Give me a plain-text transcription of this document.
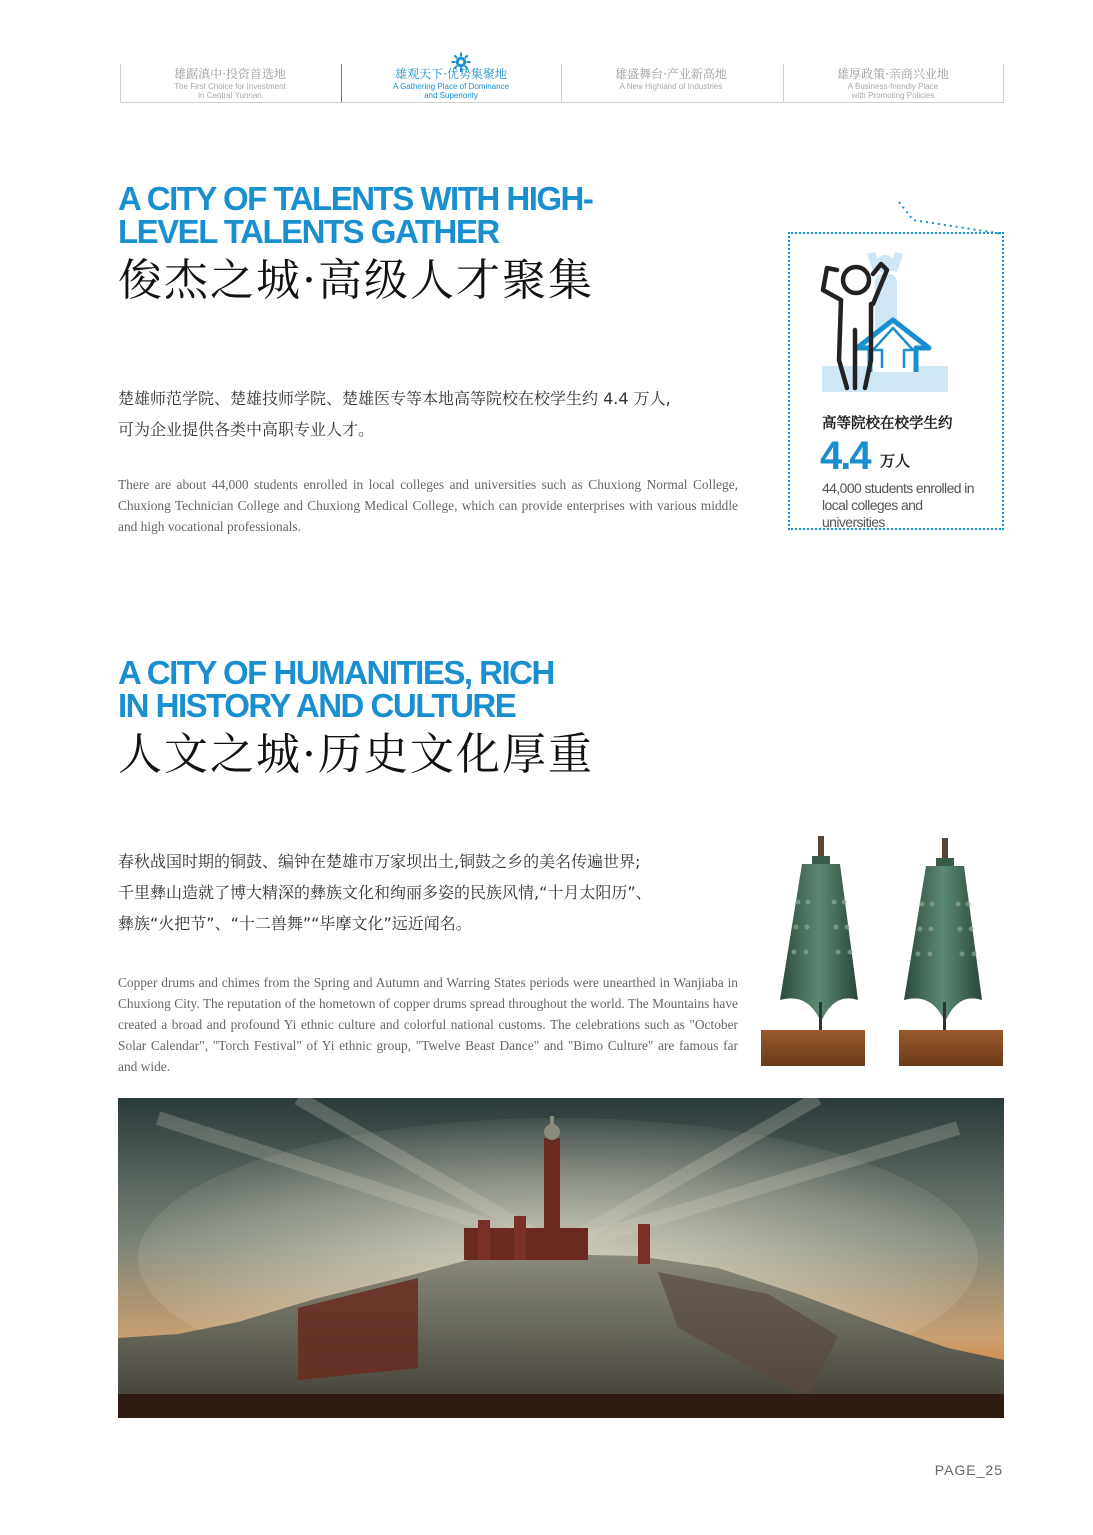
雄踞滇中·投资首选地
The First Choice for Investment
in Central Yunnan
雄观天下·优势集聚地
A Gathering Place of Dominance
and Superiority
雄盛舞台·产业新高地
A New Highland of Industries
雄厚政策·亲商兴业地
A Business-friendly Place
with Promoting Policies
A CITY OF TALENTS WITH HIGH-
LEVEL TALENTS GATHER
俊杰之城·高级人才聚集
楚雄师范学院、楚雄技师学院、楚雄医专等本地高等院校在校学生约 4.4 万人,
可为企业提供各类中高职专业人才。
There are about 44,000 students enrolled in local colleges and universities such as Chuxiong Normal College, Chuxiong Technician College and Chuxiong Medical College, which can provide enterprises with various middle and high vocational professionals.
高等院校在校学生约
4.4 万人
44,000 students enrolled in local colleges and universities
A CITY OF HUMANITIES, RICH
IN HISTORY AND CULTURE
人文之城·历史文化厚重
春秋战国时期的铜鼓、编钟在楚雄市万家坝出土,铜鼓之乡的美名传遍世界;
千里彝山造就了博大精深的彝族文化和绚丽多姿的民族风情,“十月太阳历”、
彝族“火把节”、“十二兽舞”“毕摩文化”远近闻名。
Copper drums and chimes from the Spring and Autumn and Warring States periods were unearthed in Wanjiaba in Chuxiong City. The reputation of the hometown of copper drums spread throughout the world. The Mountains have created a broad and profound Yi ethnic culture and colorful national customs. The celebrations such as "October Solar Calendar", "Torch Festival" of Yi ethnic group, "Twelve Beast Dance" and "Bimo Culture" are famous far and wide.
PAGE_25
